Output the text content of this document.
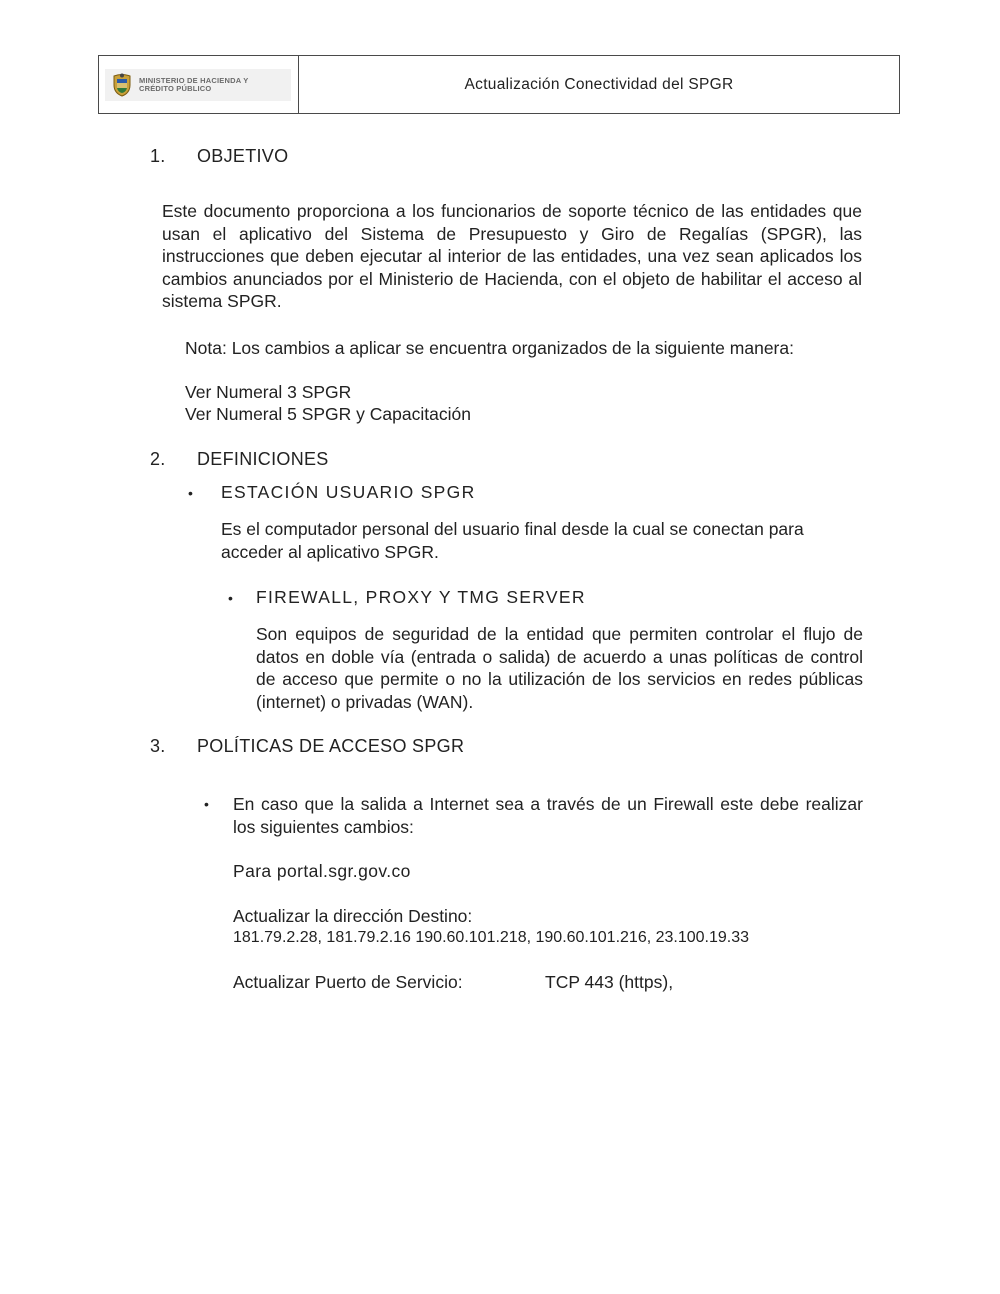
MINISTERIO DE HACIENDA Y
CRÉDITO PÚBLICO	Actualización Conectividad del SPGR
1. OBJETIVO
Este documento proporciona a los funcionarios de soporte técnico de las entidades que usan el aplicativo del Sistema de Presupuesto y Giro de Regalías (SPGR), las instrucciones que deben ejecutar al interior de las entidades, una vez sean aplicados los cambios anunciados por el Ministerio de Hacienda, con el objeto de habilitar el acceso al sistema SPGR.
Nota: Los cambios a aplicar se encuentra organizados de la siguiente manera:
Ver Numeral 3 SPGR
Ver Numeral 5 SPGR y Capacitación
2. DEFINICIONES
•	ESTACIÓN USUARIO SPGR
Es el computador personal del usuario final desde la cual se conectan para acceder al aplicativo SPGR.
•	FIREWALL, PROXY Y TMG SERVER
Son equipos de seguridad de la entidad que permiten controlar el flujo de datos en doble vía (entrada o salida) de acuerdo a unas políticas de control de acceso que permite o no la utilización de los servicios en redes públicas (internet) o privadas (WAN).
3. POLÍTICAS DE ACCESO SPGR
•	En caso que la salida a Internet sea a través de un Firewall este debe realizar los siguientes cambios:
Para portal.sgr.gov.co
Actualizar la dirección Destino:
181.79.2.28, 181.79.2.16 190.60.101.218, 190.60.101.216, 23.100.19.33
Actualizar Puerto de Servicio:	TCP 443 (https),
